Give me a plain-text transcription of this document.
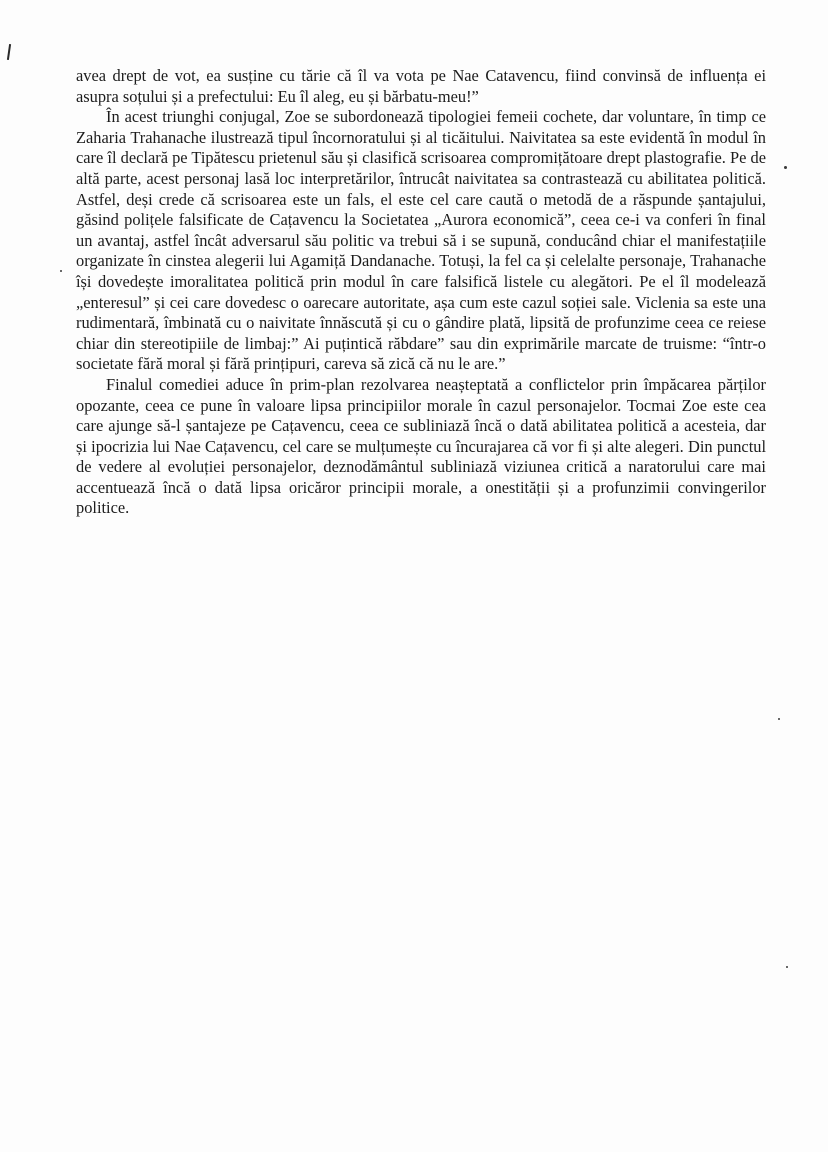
avea drept de vot, ea susține cu tărie că îl va vota pe Nae Catavencu, fiind convinsă de influența ei asupra soțului și a prefectului: Eu îl aleg, eu și bărbatu-meu!”

În acest triunghi conjugal, Zoe se subordonează tipologiei femeii cochete, dar voluntare, în timp ce Zaharia Trahanache ilustrează tipul încornoratului și al ticăitului. Naivitatea sa este evidentă în modul în care îl declară pe Tipătescu prietenul său și clasifică scrisoarea compromițătoare drept plastografie. Pe de altă parte, acest personaj lasă loc interpretărilor, întrucât naivitatea sa contrastează cu abilitatea politică. Astfel, deși crede că scrisoarea este un fals, el este cel care caută o metodă de a răspunde șantajului, găsind polițele falsificate de Cațavencu la Societatea „Aurora economică”, ceea ce-i va conferi în final un avantaj, astfel încât adversarul său politic va trebui să i se supună, conducând chiar el manifestațiile organizate în cinstea alegerii lui Agamiță Dandanache. Totuși, la fel ca și celelalte personaje, Trahanache își dovedește imoralitatea politică prin modul în care falsifică listele cu alegători. Pe el îl modelează „enteresul” și cei care dovedesc o oarecare autoritate, așa cum este cazul soției sale. Viclenia sa este una rudimentară, îmbinată cu o naivitate înnăscută și cu o gândire plată, lipsită de profunzime ceea ce reiese chiar din stereotipiile de limbaj:” Ai puțintică răbdare” sau din exprimările marcate de truisme: “într-o societate fără moral și fără prințipuri, careva să zică că nu le are.”

Finalul comediei aduce în prim-plan rezolvarea neașteptată a conflictelor prin împăcarea părților opozante, ceea ce pune în valoare lipsa principiilor morale în cazul personajelor. Tocmai Zoe este cea care ajunge să-l șantajeze pe Cațavencu, ceea ce subliniază încă o dată abilitatea politică a acesteia, dar și ipocrizia lui Nae Cațavencu, cel care se mulțumește cu încurajarea că vor fi și alte alegeri. Din punctul de vedere al evoluției personajelor, deznodământul subliniază viziunea critică a naratorului care mai accentuează încă o dată lipsa oricăror principii morale, a onestității și a profunzimii convingerilor politice.
